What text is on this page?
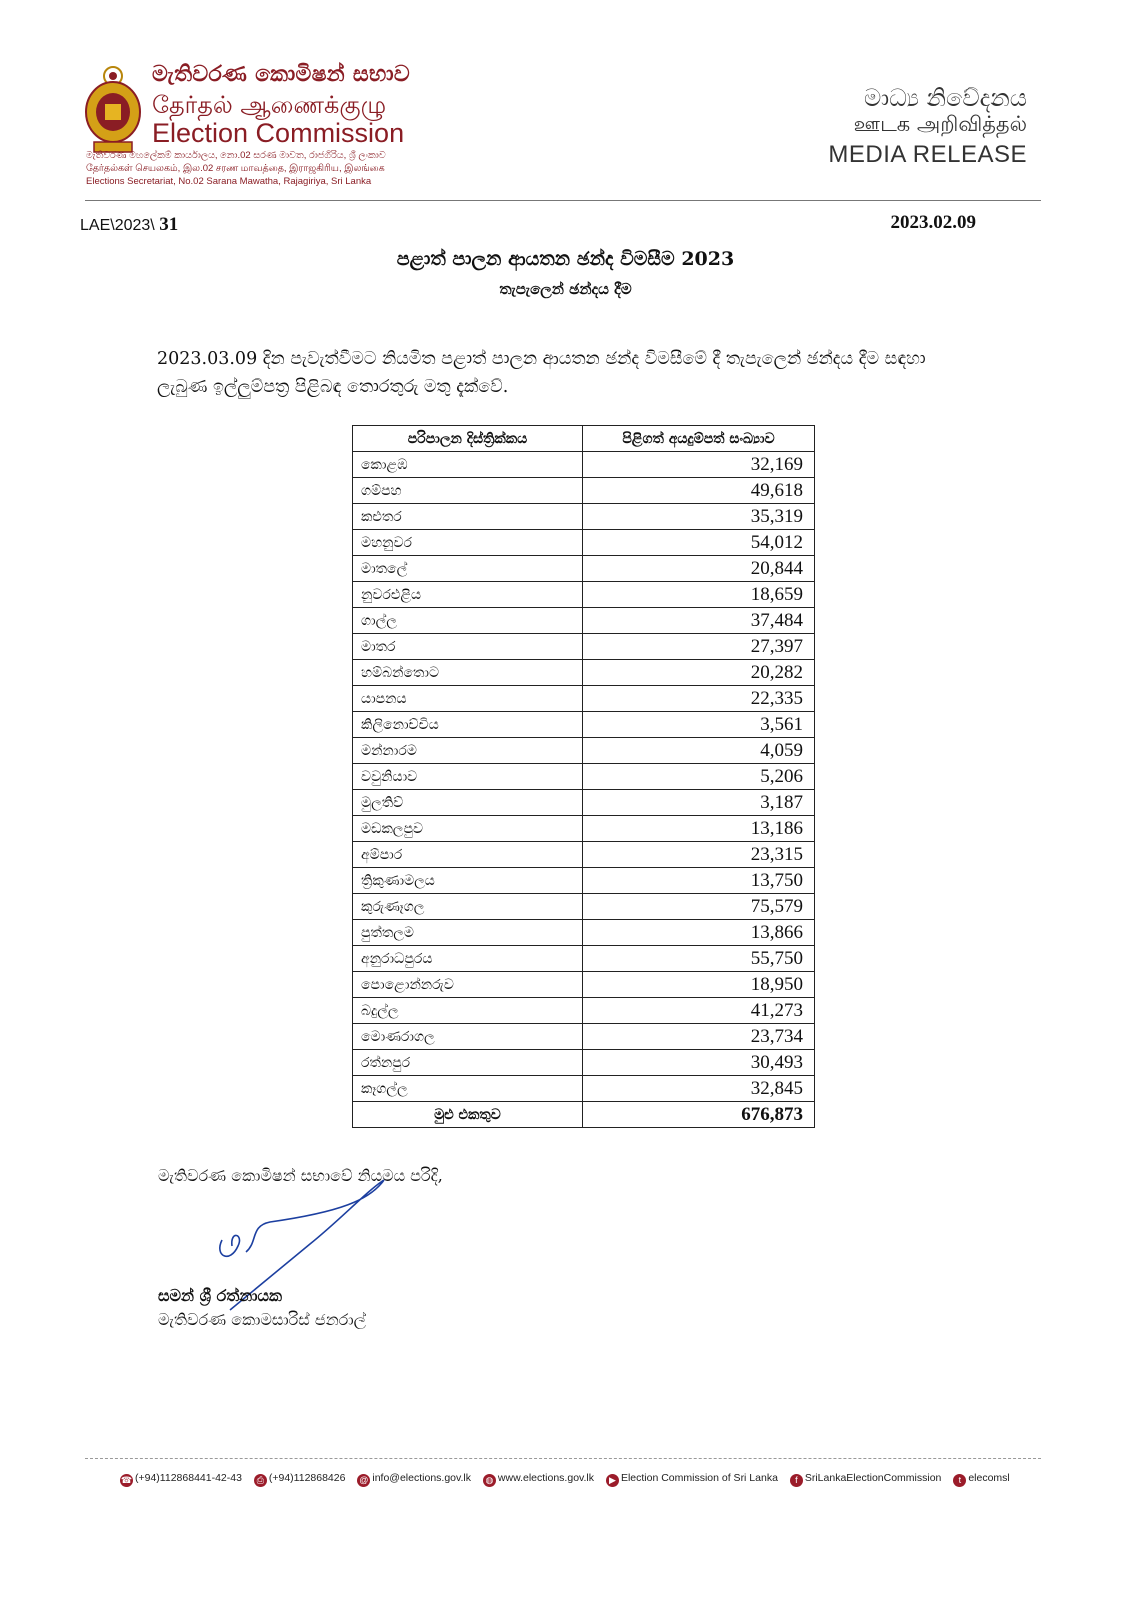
මැතිවරණ කොමිෂන් සභාව
தேர்தல் ஆணைக்குழு
Election Commission
මැතිවරණ මහලේකම් කාර්යාලය, නො.02 සරණ මාවත, රාජගිරිය, ශ්‍රී ලංකාව
தேர்தல்கள் செயலகம், இல.02 சரண மாவத்தை, இராஜகிரிய, இலங்கை
Elections Secretariat, No.02 Sarana Mawatha, Rajagiriya, Sri Lanka
මාධ්‍ය නිවේදනය
ஊடக அறிவித்தல்
MEDIA RELEASE
LAE\2023\ 31	2023.02.09
පළාත් පාලන ආයතන ඡන්ද විමසීම 2023
තැපැලෙන් ඡන්දය දීම
2023.03.09 දින පැවැත්වීමට නියමිත පළාත් පාලන ආයතන ඡන්ද විමසීමේ දී තැපැලෙන් ඡන්දය දීම සඳහා ලැබුණ ඉල්ලුම්පත්‍ර පිළිබඳ තොරතුරු මතු දැක්වේ.
පරිපාලන දිස්ත්‍රික්කය	පිළිගත් අයදුම්පත් සංඛ්‍යාව
කොළඹ	32,169
ගම්පහ	49,618
කළුතර	35,319
මහනුවර	54,012
මාතලේ	20,844
නුවරඑළිය	18,659
ගාල්ල	37,484
මාතර	27,397
හම්බන්තොට	20,282
යාපනය	22,335
කිලිනොච්චිය	3,561
මන්නාරම	4,059
වවුනියාව	5,206
මුලතිව්	3,187
මඩකලපුව	13,186
අම්පාර	23,315
ත්‍රිකුණාමලය	13,750
කුරුණෑගල	75,579
පුත්තලම	13,866
අනුරාධපුරය	55,750
පොළොන්නරුව	18,950
බදුල්ල	41,273
මොණරාගල	23,734
රත්නපුර	30,493
කෑගල්ල	32,845
මුළු එකතුව	676,873
මැතිවරණ කොමිෂන් සභාවේ නියමය පරිදි,
සමන් ශ්‍රී රත්නායක
මැතිවරණ කොමසාරිස් ජනරාල්
☎ (+94)112868441-42-43 ⎙ (+94)112868426 @ info@elections.gov.lk ◍ www.elections.gov.lk ▶ Election Commission of Sri Lanka f SriLankaElectionCommission t elecomsl
